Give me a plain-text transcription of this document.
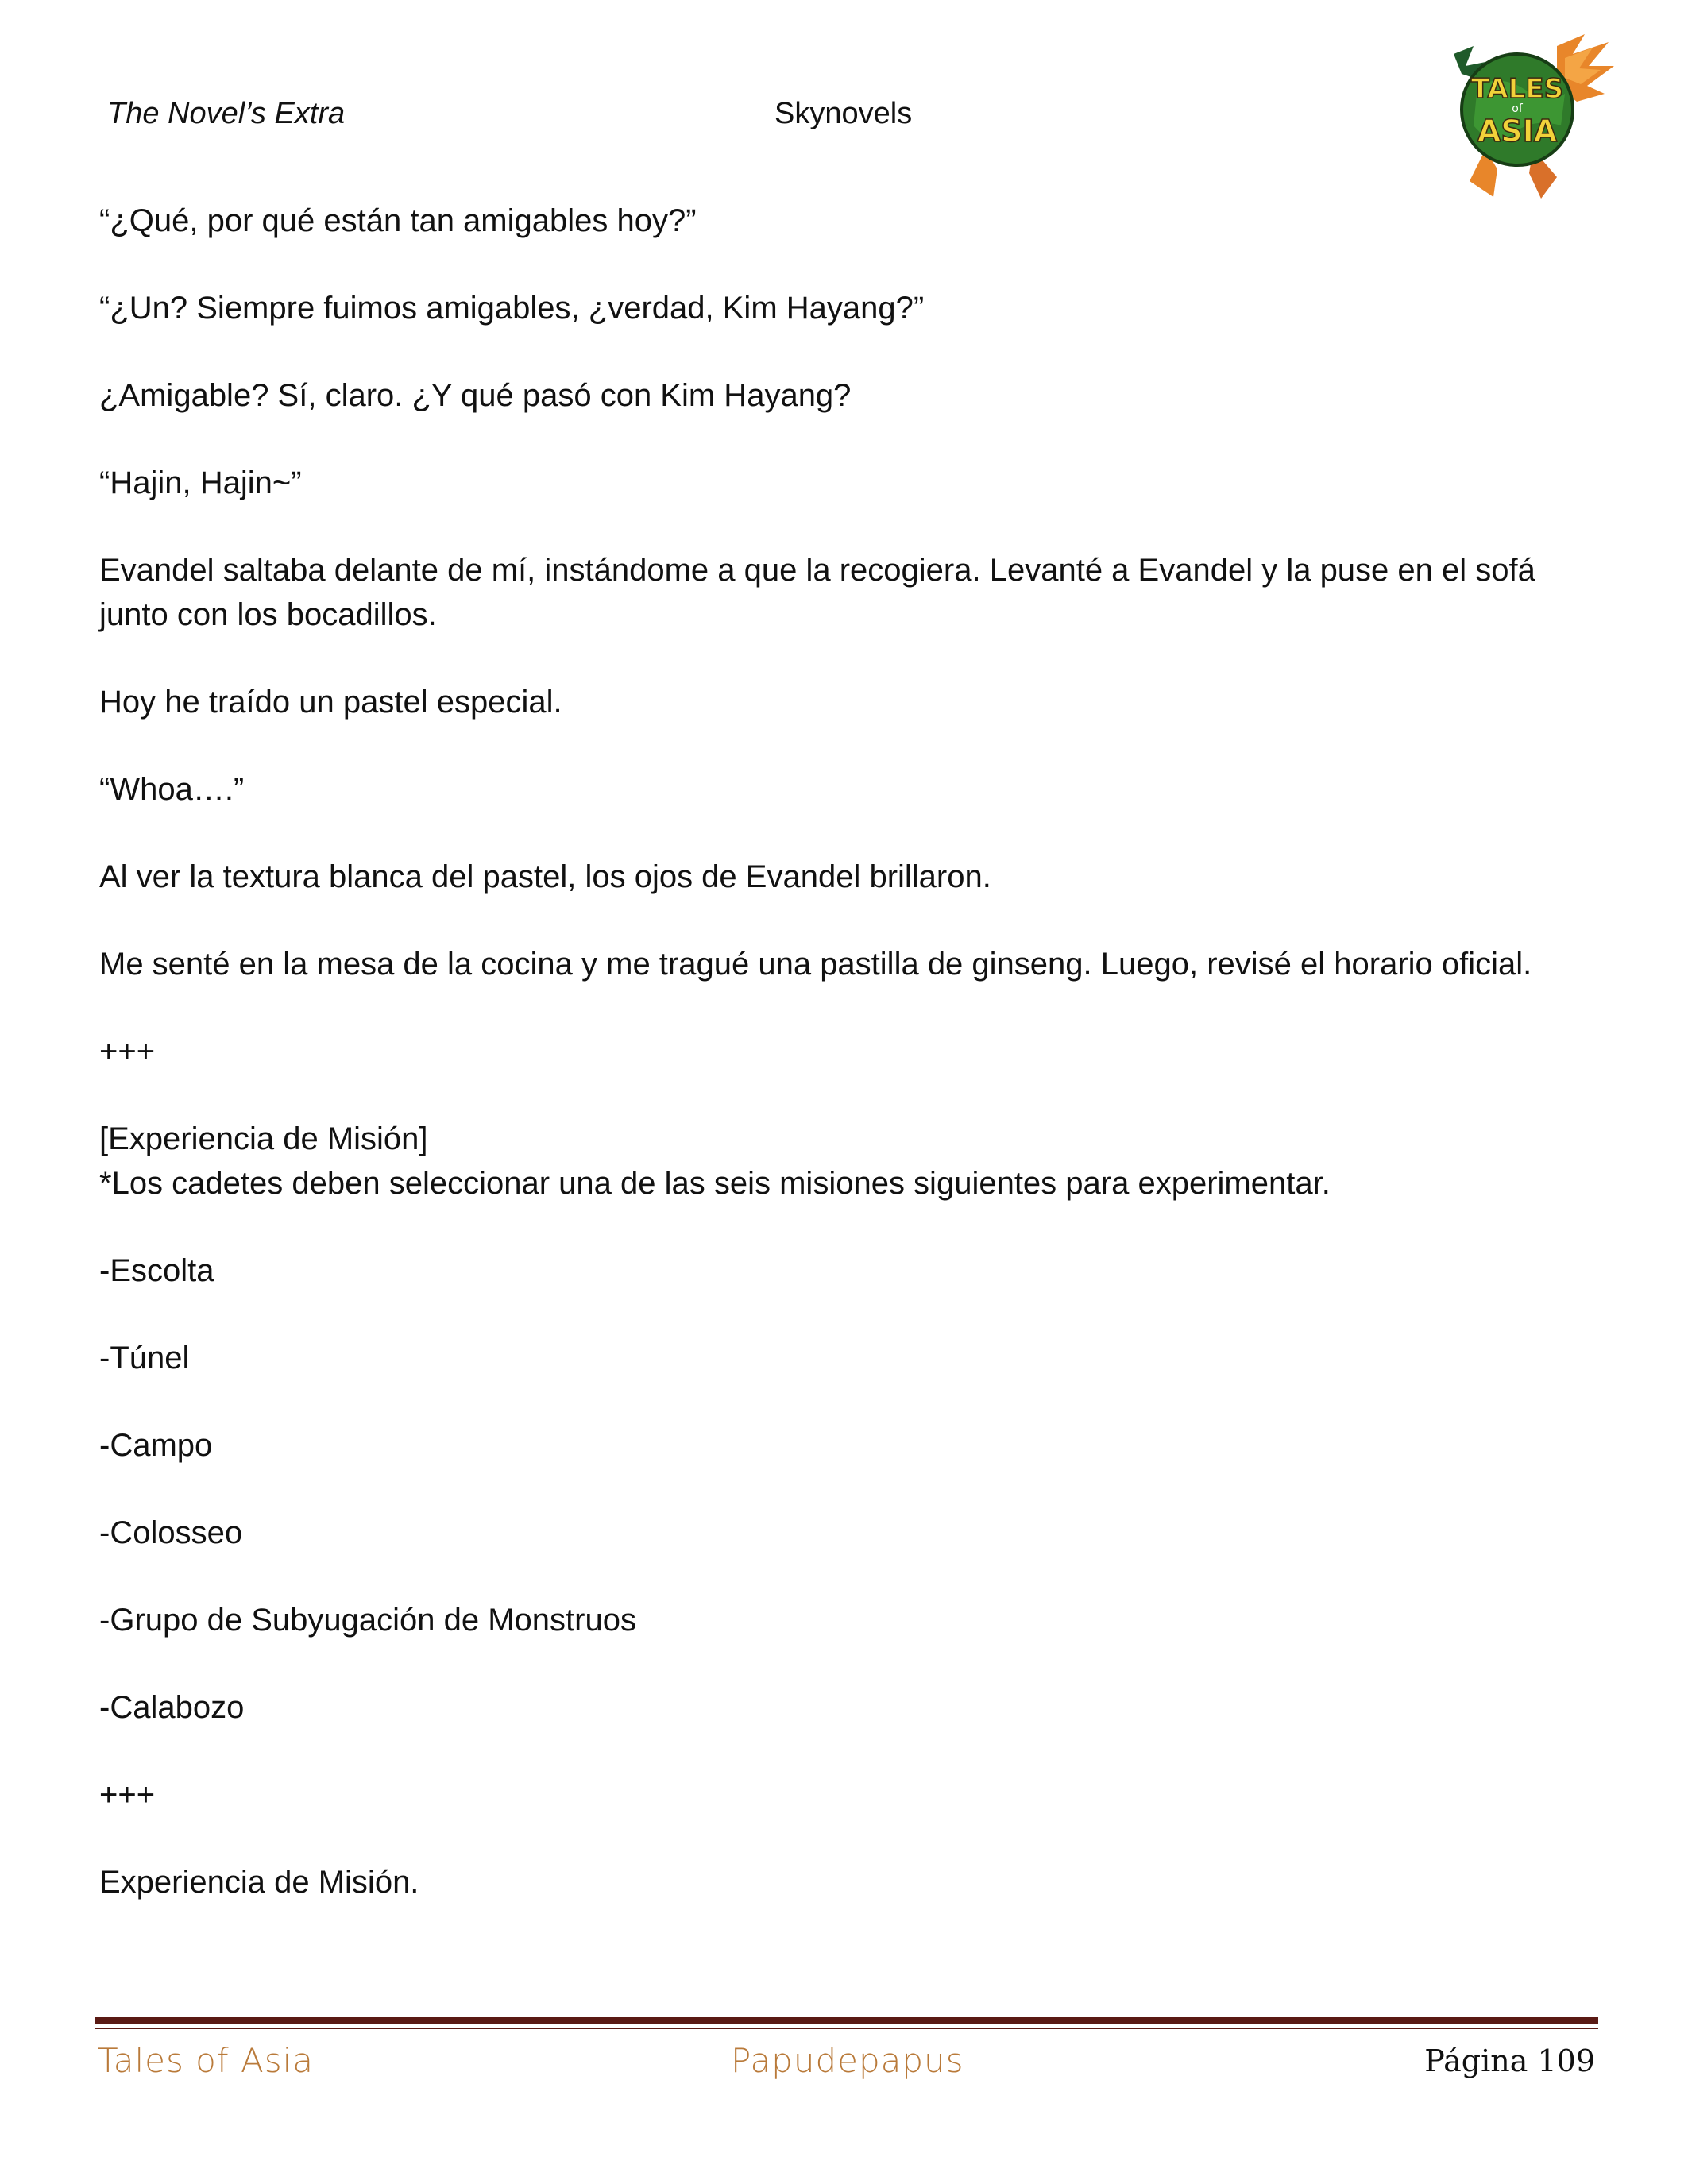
The Novel’s Extra	Skynovels
TALES
of
ASIA

“¿Qué, por qué están tan amigables hoy?”

“¿Un? Siempre fuimos amigables, ¿verdad, Kim Hayang?”

¿Amigable? Sí, claro. ¿Y qué pasó con Kim Hayang?

“Hajin, Hajin~”

Evandel saltaba delante de mí, instándome a que la recogiera. Levanté a Evandel y la puse en el sofá junto con los bocadillos.

Hoy he traído un pastel especial.

“Whoa….”

Al ver la textura blanca del pastel, los ojos de Evandel brillaron.

Me senté en la mesa de la cocina y me tragué una pastilla de ginseng. Luego, revisé el horario oficial.

+++

[Experiencia de Misión]

*Los cadetes deben seleccionar una de las seis misiones siguientes para experimentar.

-Escolta

-Túnel

-Campo

-Colosseo

-Grupo de Subyugación de Monstruos

-Calabozo

+++

Experiencia de Misión.

Tales of Asia	Papudepapus	Página 109
